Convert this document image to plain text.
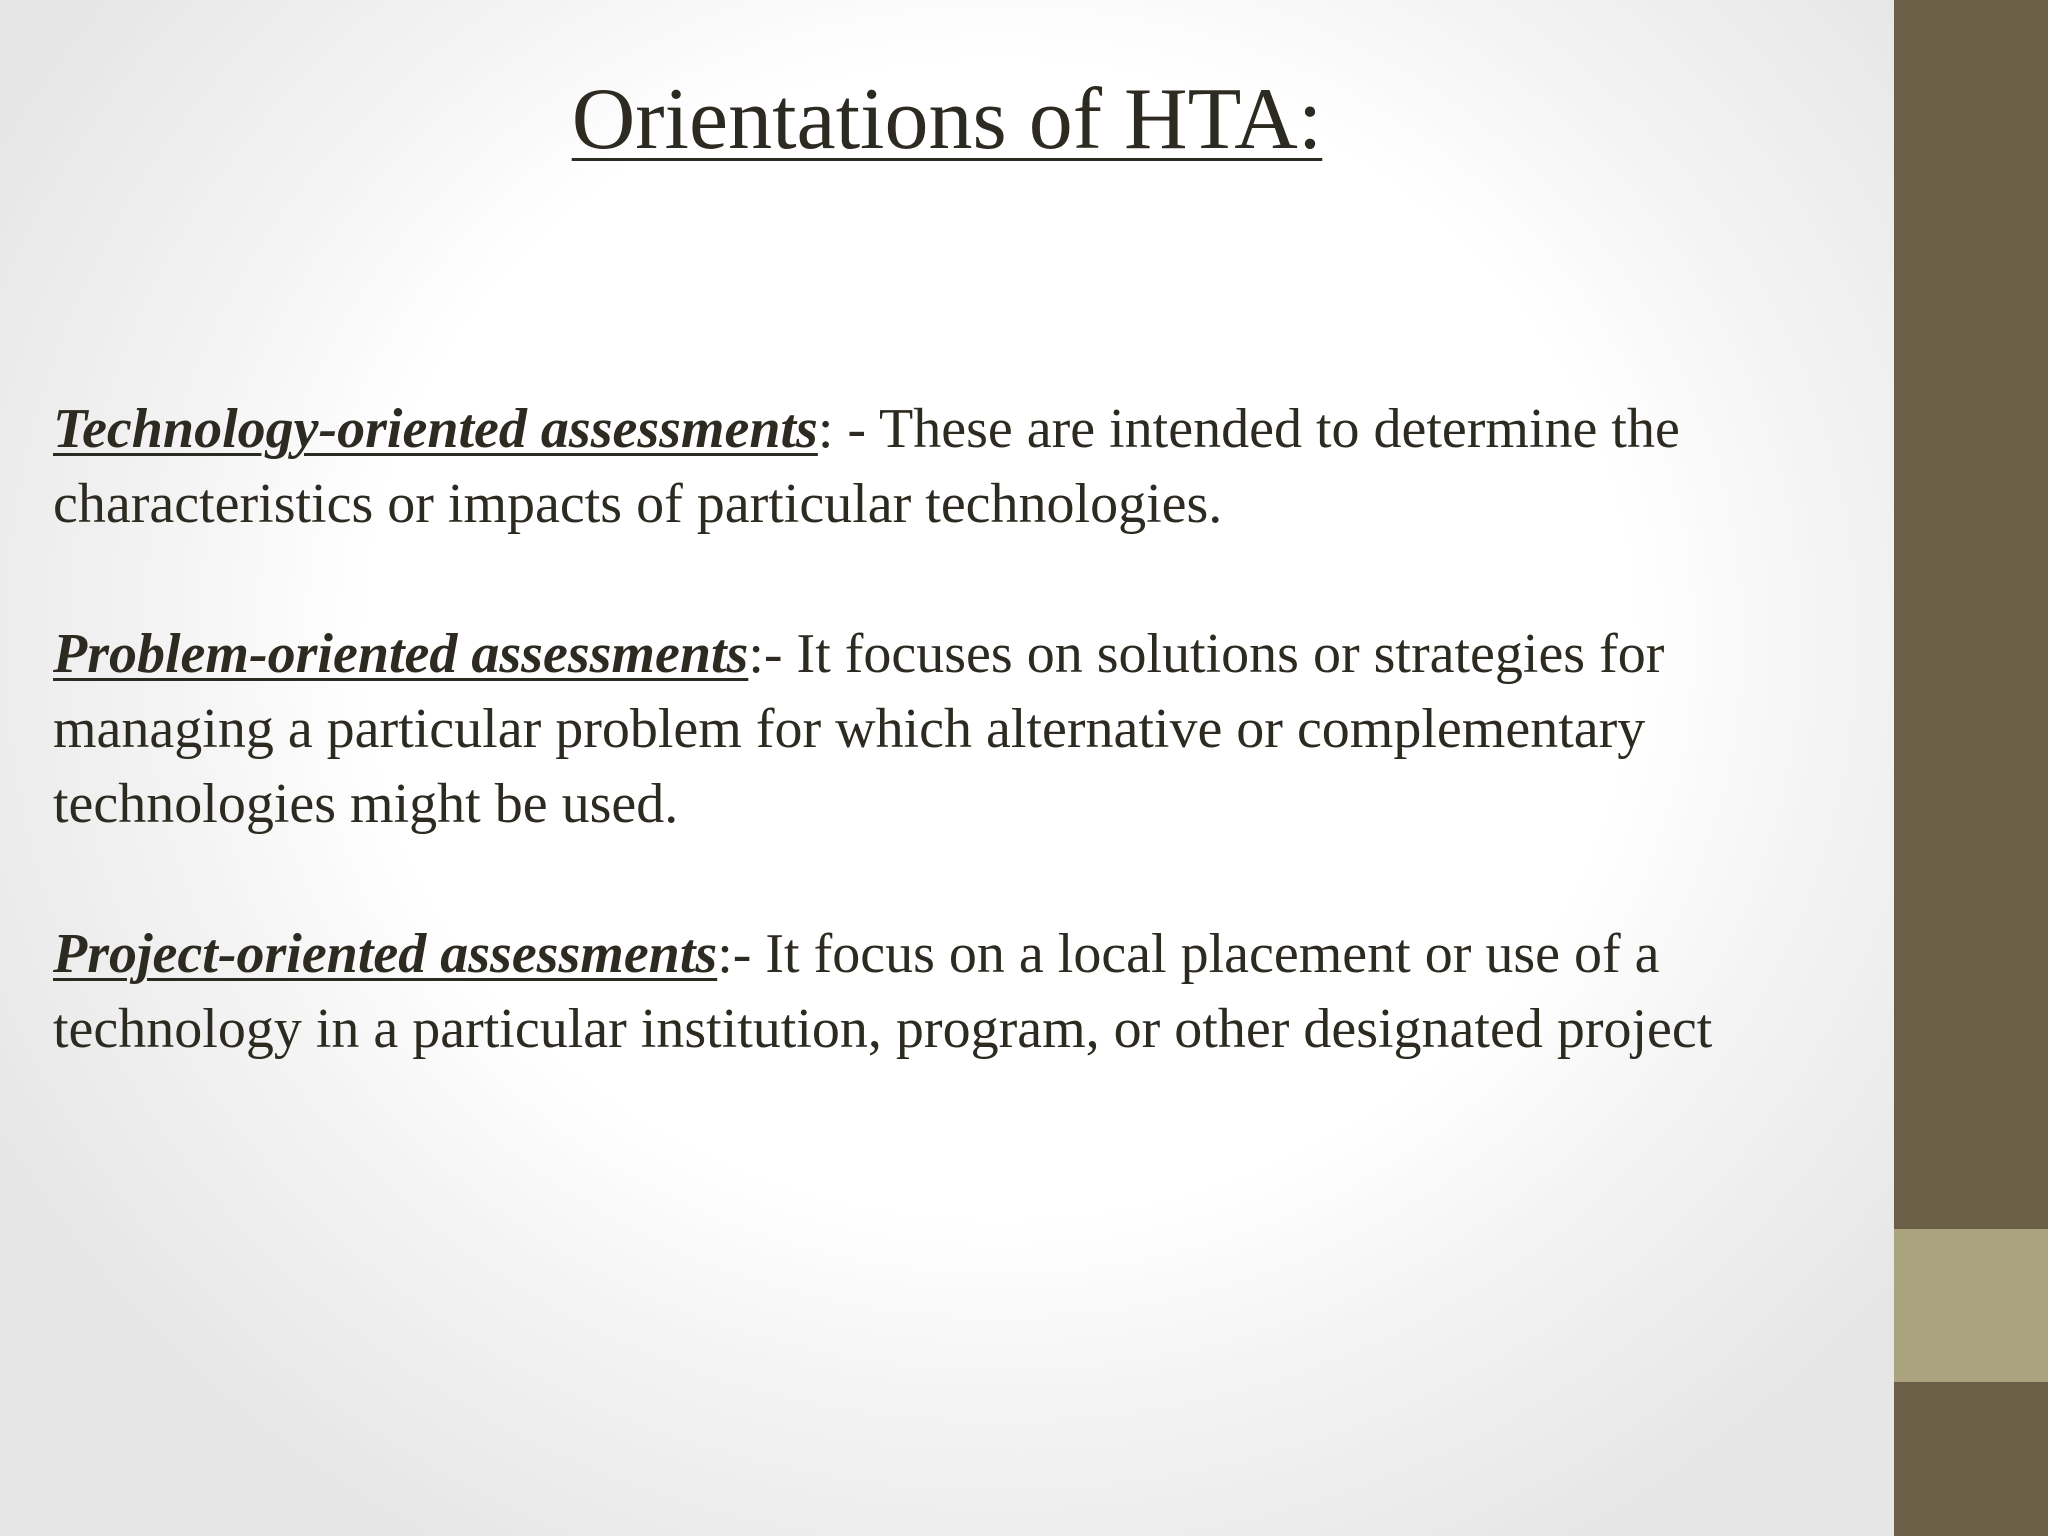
Orientations of HTA:

Technology-oriented assessments: - These are intended to determine the characteristics or impacts of particular technologies.

Problem-oriented assessments:- It focuses on solutions or strategies for managing a particular problem for which alternative or complementary technologies might be used.

Project-oriented assessments:- It focus on a local placement or use of a technology in a particular institution, program, or other designated project
